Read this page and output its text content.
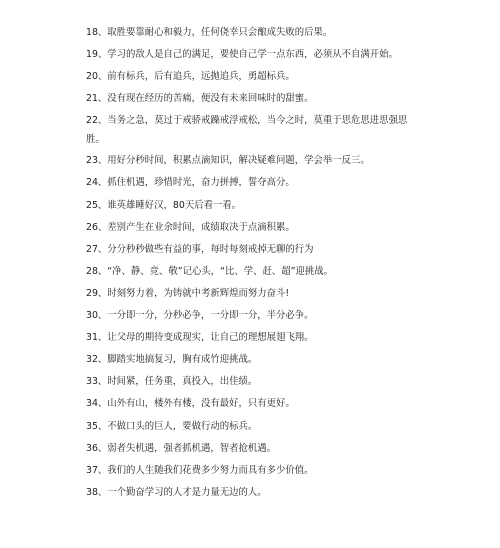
18、取胜要靠耐心和毅力，任何侥幸只会酿成失败的后果。
19、学习的敌人是自己的满足，要使自己学一点东西，必须从不自满开始。
20、前有标兵，后有追兵，远抛追兵，勇超标兵。
21、没有现在经历的苦痛，便没有未来回味时的甜蜜。
22、当务之急，莫过于戒骄戒躁戒浮戒松，当今之时，莫重于思危思进思强思胜。
23、用好分秒时间，积累点滴知识，解决疑难问题，学会举一反三。
24、抓住机遇，珍惜时光，奋力拼搏，誓夺高分。
25、谁英雄睡好汉，80天后看一看。
26、差别产生在业余时间，成绩取决于点滴积累。
27、分分秒秒做些有益的事，每时每刻戒掉无聊的行为
28、“净、静、竞、敬”记心头，“比、学、赶、超”迎挑战。
29、时刻努力着，为铸就中考新辉煌而努力奋斗!
30、一分即一分，分秒必争，一分即一分，半分必争。
31、让父母的期待变成现实，让自己的理想展翅飞翔。
32、脚踏实地搞复习，胸有成竹迎挑战。
33、时间紧，任务重，真投入，出佳绩。
34、山外有山，楼外有楼，没有最好，只有更好。
35、不做口头的巨人，要做行动的标兵。
36、弱者失机遇，强者抓机遇，智者抢机遇。
37、我们的人生随我们花费多少努力而具有多少价值。
38、一个勤奋学习的人才是力量无边的人。
